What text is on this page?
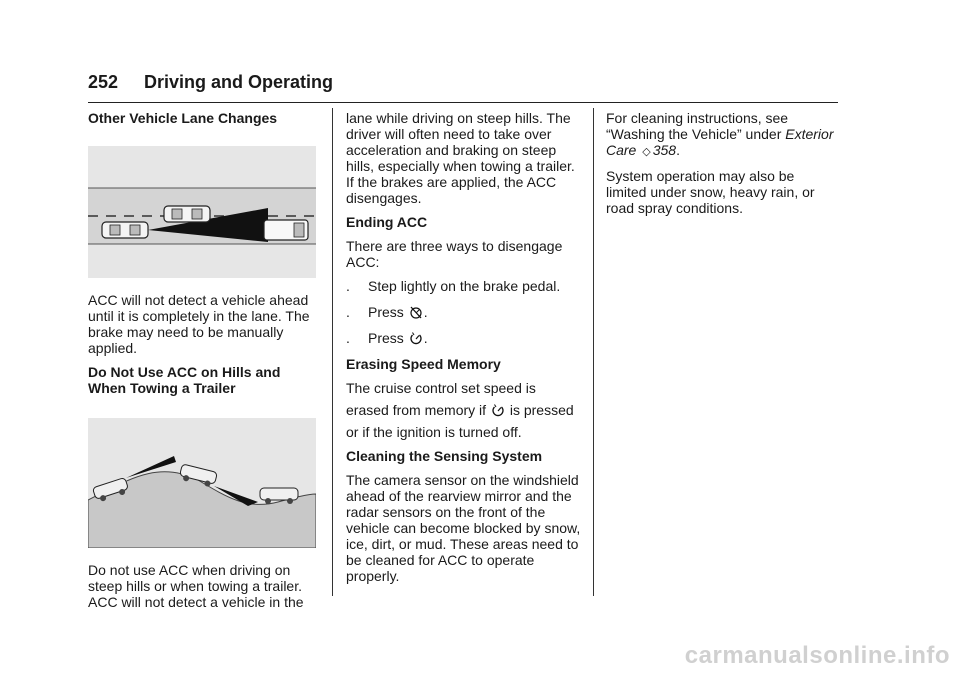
252 Driving and Operating
Other Vehicle Lane Changes
ACC will not detect a vehicle ahead until it is completely in the lane. The brake may need to be manually applied.
Do Not Use ACC on Hills and When Towing a Trailer
Do not use ACC when driving on steep hills or when towing a trailer. ACC will not detect a vehicle in the
lane while driving on steep hills. The driver will often need to take over acceleration and braking on steep hills, especially when towing a trailer. If the brakes are applied, the ACC disengages.
Ending ACC
There are three ways to disengage ACC:
. Step lightly on the brake pedal.
. Press .
. Press .
Erasing Speed Memory
The cruise control set speed is
erased from memory if is pressed
or if the ignition is turned off.
Cleaning the Sensing System
The camera sensor on the windshield ahead of the rearview mirror and the radar sensors on the front of the vehicle can become blocked by snow, ice, dirt, or mud. These areas need to be cleaned for ACC to operate properly.
For cleaning instructions, see “Washing the Vehicle” under Exterior Care ◇ 358.
System operation may also be limited under snow, heavy rain, or road spray conditions.
carmanualsonline.info
